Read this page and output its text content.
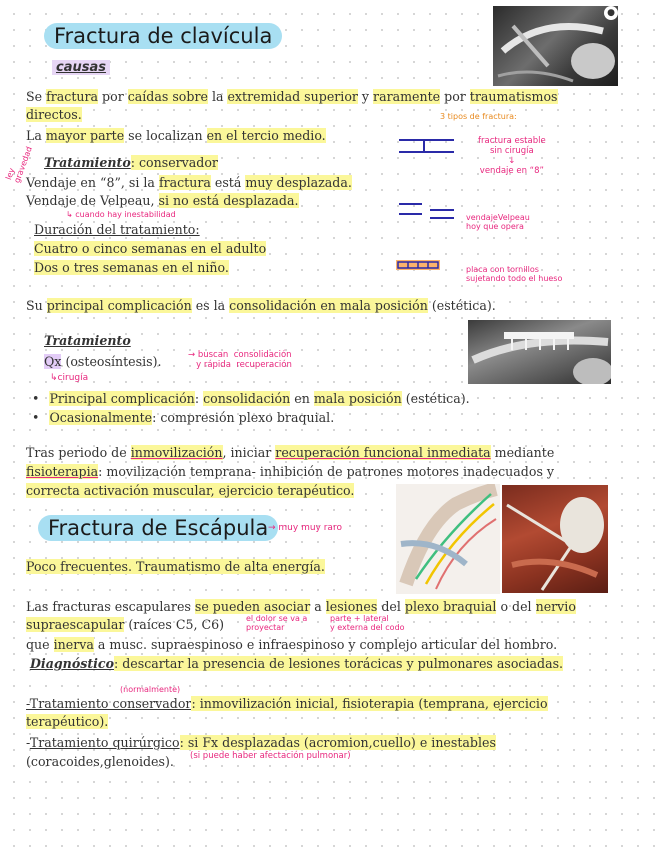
Fractura de clavícula
causas
●
Se fractura por caídas sobre la extremidad superior y raramente por traumatismos
directos.
La mayor parte se localizan en el tercio medio.
ley
gravedad Tratamiento: conservador
Vendaje en “8”, si la fractura está muy desplazada.
Vendaje de Velpeau, si no está desplazada.
↳ cuando hay inestabilidad
Duración del tratamiento:
Cuatro o cinco semanas en el adulto
Dos o tres semanas en el niño.
3 tipos de fractura:
fractura estable
sin cirugía
↓
vendaje en “8”
vendajeVelpeau
hoy que opera
placa con tornillos
sujetando todo el hueso
Su principal complicación es la consolidación en mala posición (estética).
Tratamiento
Qx (osteosíntesis).	→ buscan  consolidación
y rápida  recuperación
↳cirugía
• Principal complicación: consolidación en mala posición (estética).
• Ocasionalmente: compresión plexo braquial.
Tras periodo de inmovilización, iniciar recuperación funcional inmediata mediante
fisioterapia: movilización temprana- inhibición de patrones motores inadecuados y
correcta activación muscular, ejercicio terapéutico.
Fractura de Escápula → muy muy raro
Poco frecuentes. Traumatismo de alta energía.
Las fracturas escapulares se pueden asociar a lesiones del plexo braquial o del nervio
supraescapular (raíces C5, C6)	el dolor se va a
proyectar
parte + lateral
y externa del codo
que inerva a musc. supraespinoso e infraespinoso y complejo articular del hombro.
Diagnóstico: descartar la presencia de lesiones torácicas y pulmonares asociadas.
(normalmente)
-Tratamiento conservador: inmovilización inicial, fisioterapia (temprana, ejercicio
terapéutico).
-Tratamiento quirúrgico: si Fx desplazadas (acromion,cuello) e inestables
(coracoides,glenoides). (si puede haber afectación pulmonar)
